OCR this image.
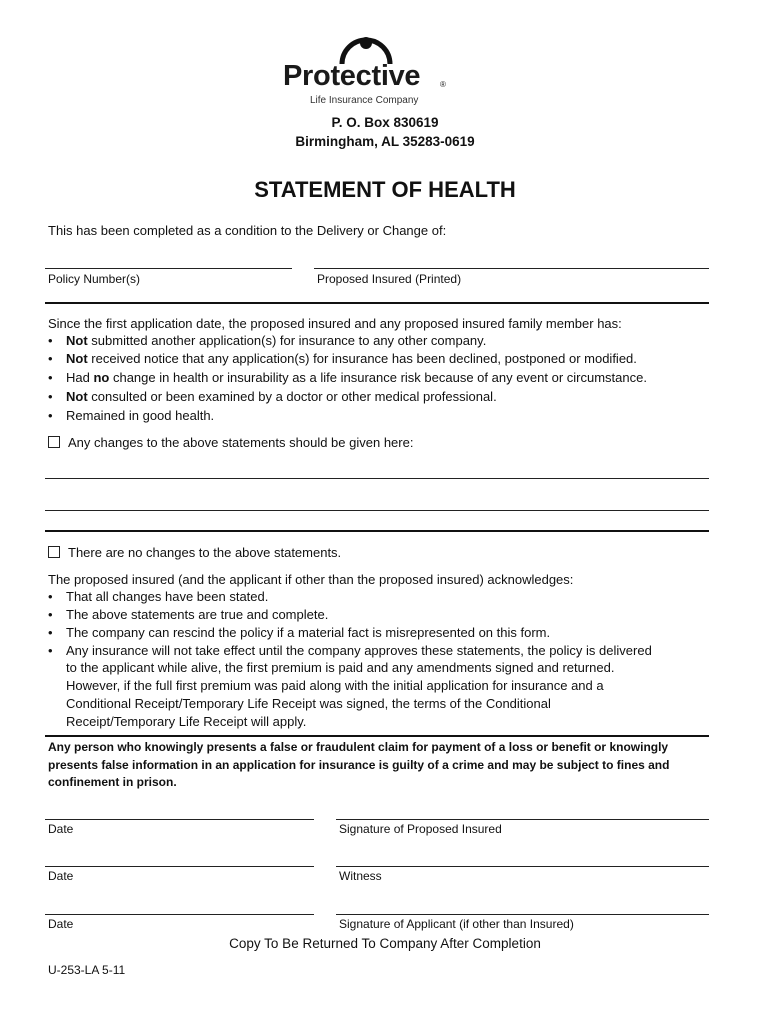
Protective ®
Life Insurance Company
P. O. Box 830619
Birmingham, AL 35283-0619
STATEMENT OF HEALTH
This has been completed as a condition to the Delivery or Change of:
Policy Number(s)	Proposed Insured (Printed)
Since the first application date, the proposed insured and any proposed insured family member has:
• Not submitted another application(s) for insurance to any other company.
• Not received notice that any application(s) for insurance has been declined, postponed or modified.
• Had no change in health or insurability as a life insurance risk because of any event or circumstance.
• Not consulted or been examined by a doctor or other medical professional.
• Remained in good health.
Any changes to the above statements should be given here:
There are no changes to the above statements.
The proposed insured (and the applicant if other than the proposed insured) acknowledges:
• That all changes have been stated.
• The above statements are true and complete.
• The company can rescind the policy if a material fact is misrepresented on this form.
• Any insurance will not take effect until the company approves these statements, the policy is delivered
to the applicant while alive, the first premium is paid and any amendments signed and returned.
However, if the full first premium was paid along with the initial application for insurance and a
Conditional Receipt/Temporary Life Receipt was signed, the terms of the Conditional
Receipt/Temporary Life Receipt will apply.
Any person who knowingly presents a false or fraudulent claim for payment of a loss or benefit or knowingly presents false information in an application for insurance is guilty of a crime and may be subject to fines and confinement in prison.
Date	Signature of Proposed Insured
Date	Witness
Date	Signature of Applicant (if other than Insured)
Copy To Be Returned To Company After Completion
U-253-LA 5-11
